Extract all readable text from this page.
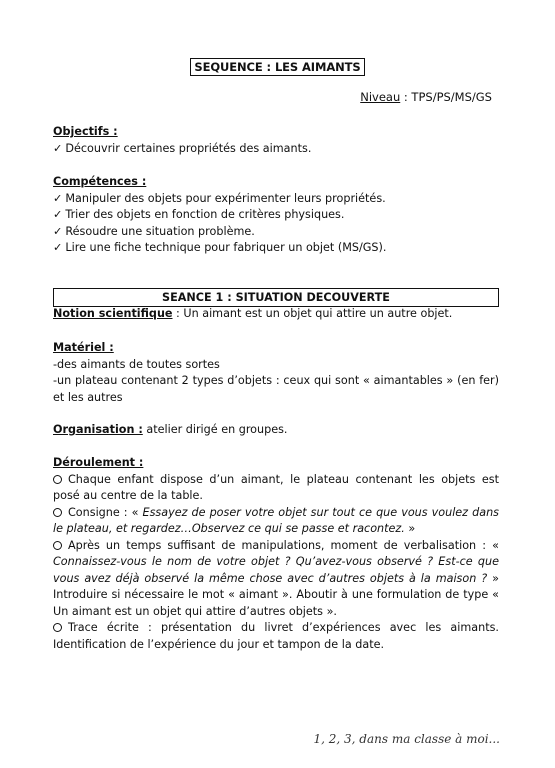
SEQUENCE : LES AIMANTS
Niveau : TPS/PS/MS/GS
Objectifs :
✓ Découvrir certaines propriétés des aimants.
Compétences :
✓ Manipuler des objets pour expérimenter leurs propriétés.
✓ Trier des objets en fonction de critères physiques.
✓ Résoudre une situation problème.
✓ Lire une fiche technique pour fabriquer un objet (MS/GS).
SEANCE 1 : SITUATION DECOUVERTE
Notion scientifique : Un aimant est un objet qui attire un autre objet.
Matériel :
-des aimants de toutes sortes
-un plateau contenant 2 types d’objets : ceux qui sont « aimantables » (en fer) et les autres
Organisation : atelier dirigé en groupes.
Déroulement :
Chaque enfant dispose d’un aimant, le plateau contenant les objets est posé au centre de la table.
Consigne : « Essayez de poser votre objet sur tout ce que vous voulez dans le plateau, et regardez…Observez ce qui se passe et racontez. »
Après un temps suffisant de manipulations, moment de verbalisation : « Connaissez-vous le nom de votre objet ? Qu’avez-vous observé ? Est-ce que vous avez déjà observé la même chose avec d’autres objets à la maison ? » Introduire si nécessaire le mot « aimant ». Aboutir à une formulation de type « Un aimant est un objet qui attire d’autres objets ».
Trace écrite : présentation du livret d’expériences avec les aimants. Identification de l’expérience du jour et tampon de la date.
1, 2, 3, dans ma classe à moi...
